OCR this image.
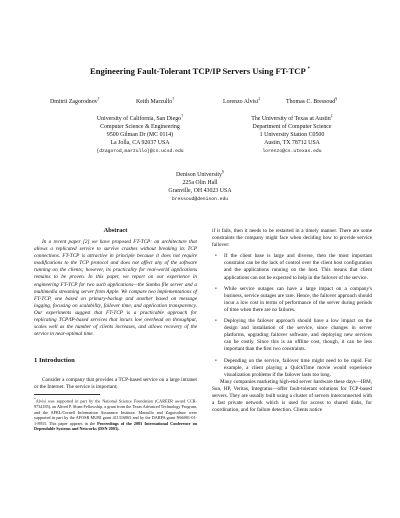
Engineering Fault-Tolerant TCP/IP Servers Using FT-TCP *
Dmitrii Zagorodnov†
Keith Marzullo†
Lorenzo Alvisi‡
Thomas C. Bressoud§
University of California, San Diego†
Computer Science & Engineering
9500 Gilman Dr (MC 0114)
La Jolla, CA 92037 USA
{dzagorod,marzullo}@cs.ucsd.edu
The University of Texas at Austin‡
Department of Computer Science
1 University Station C0500
Austin, TX 78712 USA
lorenzo@cs.utexas.edu
Denison University§
225a Olin Hall
Granville, OH 43023 USA
bressoud@denison.edu
Abstract

In a recent paper [2] we have proposed FT-TCP: an architecture that allows a replicated service to survive crashes without breaking its TCP connections. FT-TCP is attractive in principle because it does not require modifications to the TCP protocol and does not affect any of the software running on the clients; however, its practicality for real-world applications remains to be proven. In this paper, we report on our experience in engineering FT-TCP for two such applications—the Samba file server and a multimedia streaming server from Apple. We compare two implementations of FT-TCP, one based on primary-backup and another based on message logging, focusing on scalability, failover time, and application transparency. Our experiments suggest that FT-TCP is a practicable approach for replicating TCP/IP-based services that incurs low overhead on throughput, scales well as the number of clients increases, and allows recovery of the service in near-optimal time.

1 Introduction

Consider a company that provides a TCP-based service on a large intranet or the Internet. The service is important;

*Alvisi was supported in part by the National Science Foundation (CAREER award CCR-9734185), an Alfred P. Sloan Fellowship, a grant from the Texas Advanced Technology Program, and the AFRL/Cornell Information Assurance Institute. Marzullo and Zagorodnov were supported in part by the AFOSR MURI grant 411316865 and by the DARPA grant N66001-01-1-8933. This paper appears in the Proceedings of the 2003 International Conference on Dependable Systems and Networks (DSN 2003).

if it fails, then it needs to be restarted in a timely manner. There are some constraints the company might face when deciding how to provide service failover:

• If the client base is large and diverse, then the most important constraint can be the lack of control over the client host configuration and the applications running on the host. This means that client applications can not be expected to help in the failover of the service.
• While service outages can have a large impact on a company's business, service outages are rare. Hence, the failover approach should incur a low cost in terms of performance of the server during periods of time when there are no failures.
• Deploying the failover approach should have a low impact on the design and installation of the service, since changes in server platforms, upgrading failover software, and deploying new services can be costly. Since this is an offline cost, though, it can be less important than the first two constraints.
• Depending on the service, failover time might need to be rapid. For example, a client playing a QuickTime movie would experience visualization problems if the failover lasts too long.

Many companies marketing high-end server hardware these days—IBM, Sun, HP, Veritas, Integratus—offer fault-tolerant solutions for TCP-based servers. They are usually built using a cluster of servers interconnected with a fast private network which is used for access to shared disks, for coordination, and for failure detection. Clients notice
